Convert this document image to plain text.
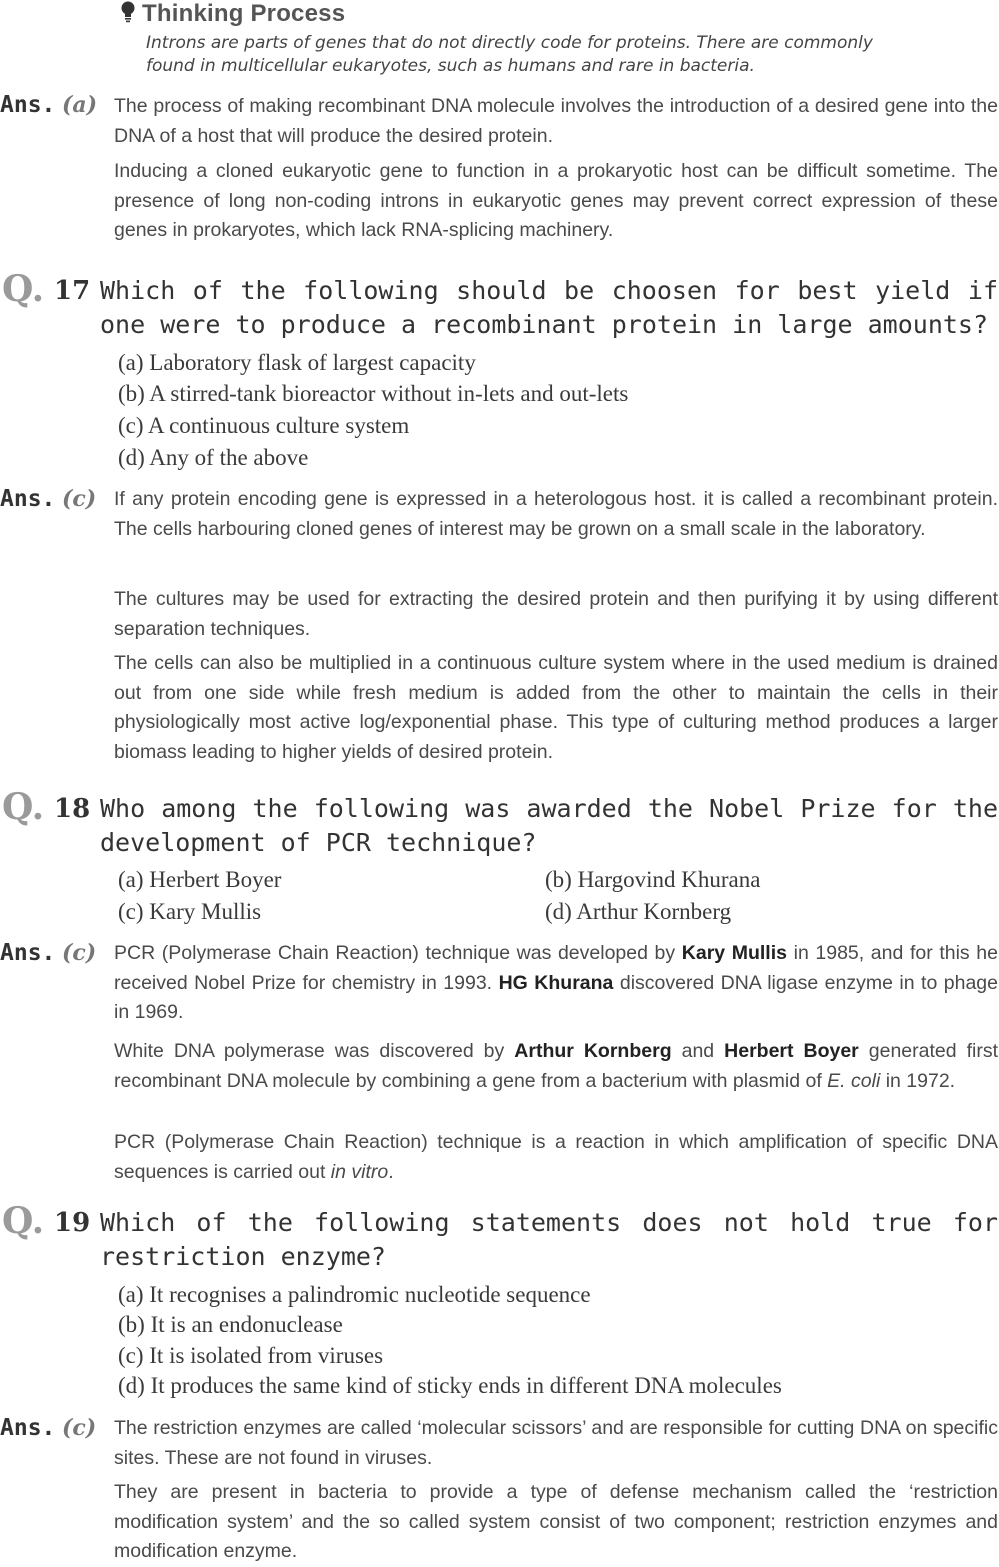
Thinking Process
Introns are parts of genes that do not directly code for proteins. There are commonly
found in multicellular eukaryotes, such as humans and rare in bacteria.
Ans. (a) The process of making recombinant DNA molecule involves the introduction of a desired gene into the DNA of a host that will produce the desired protein.
Inducing a cloned eukaryotic gene to function in a prokaryotic host can be difficult sometime. The presence of long non-coding introns in eukaryotic genes may prevent correct expression of these genes in prokaryotes, which lack RNA-splicing machinery.
Q. 17 Which of the following should be choosen for best yield if one were to produce a recombinant protein in large amounts?
(a) Laboratory flask of largest capacity
(b) A stirred-tank bioreactor without in-lets and out-lets
(c) A continuous culture system
(d) Any of the above
Ans. (c) If any protein encoding gene is expressed in a heterologous host. it is called a recombinant protein. The cells harbouring cloned genes of interest may be grown on a small scale in the laboratory.
The cultures may be used for extracting the desired protein and then purifying it by using different separation techniques.
The cells can also be multiplied in a continuous culture system where in the used medium is drained out from one side while fresh medium is added from the other to maintain the cells in their physiologically most active log/exponential phase. This type of culturing method produces a larger biomass leading to higher yields of desired protein.
Q. 18 Who among the following was awarded the Nobel Prize for the development of PCR technique?
(a) Herbert Boyer	(b) Hargovind Khurana
(c) Kary Mullis	(d) Arthur Kornberg
Ans. (c) PCR (Polymerase Chain Reaction) technique was developed by Kary Mullis in 1985, and for this he received Nobel Prize for chemistry in 1993. HG Khurana discovered DNA ligase enzyme in to phage in 1969.
White DNA polymerase was discovered by Arthur Kornberg and Herbert Boyer generated first recombinant DNA molecule by combining a gene from a bacterium with plasmid of E. coli in 1972.
PCR (Polymerase Chain Reaction) technique is a reaction in which amplification of specific DNA sequences is carried out in vitro.
Q. 19 Which of the following statements does not hold true for restriction enzyme?
(a) It recognises a palindromic nucleotide sequence
(b) It is an endonuclease
(c) It is isolated from viruses
(d) It produces the same kind of sticky ends in different DNA molecules
Ans. (c) The restriction enzymes are called ‘molecular scissors’ and are responsible for cutting DNA on specific sites. These are not found in viruses.
They are present in bacteria to provide a type of defense mechanism called the ‘restriction modification system’ and the so called system consist of two component; restriction enzymes and modification enzyme.
